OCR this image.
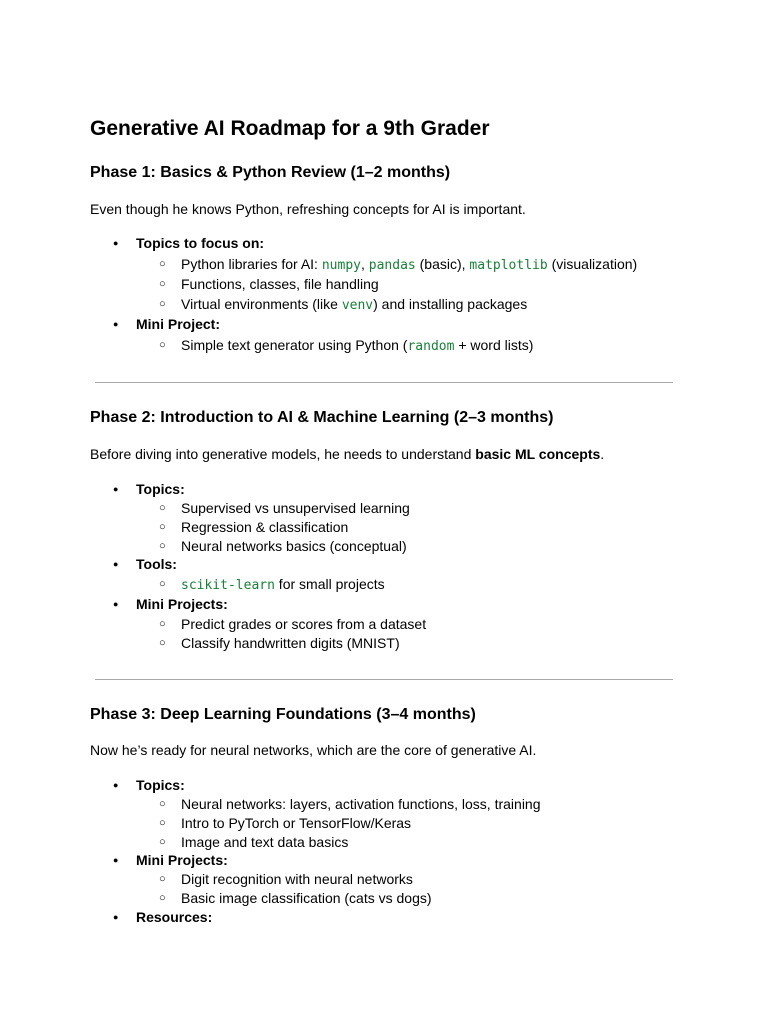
Generative AI Roadmap for a 9th Grader
Phase 1: Basics & Python Review (1–2 months)

Even though he knows Python, refreshing concepts for AI is important.

● Topics to focus on:
○ Python libraries for AI: numpy, pandas (basic), matplotlib (visualization)
○ Functions, classes, file handling
○ Virtual environments (like venv) and installing packages
● Mini Project:
○ Simple text generator using Python (random + word lists)
Phase 2: Introduction to AI & Machine Learning (2–3 months)

Before diving into generative models, he needs to understand basic ML concepts.

● Topics:
○ Supervised vs unsupervised learning
○ Regression & classification
○ Neural networks basics (conceptual)
● Tools:
○ scikit-learn for small projects
● Mini Projects:
○ Predict grades or scores from a dataset
○ Classify handwritten digits (MNIST)
Phase 3: Deep Learning Foundations (3–4 months)

Now he’s ready for neural networks, which are the core of generative AI.

● Topics:
○ Neural networks: layers, activation functions, loss, training
○ Intro to PyTorch or TensorFlow/Keras
○ Image and text data basics
● Mini Projects:
○ Digit recognition with neural networks
○ Basic image classification (cats vs dogs)
● Resources:
